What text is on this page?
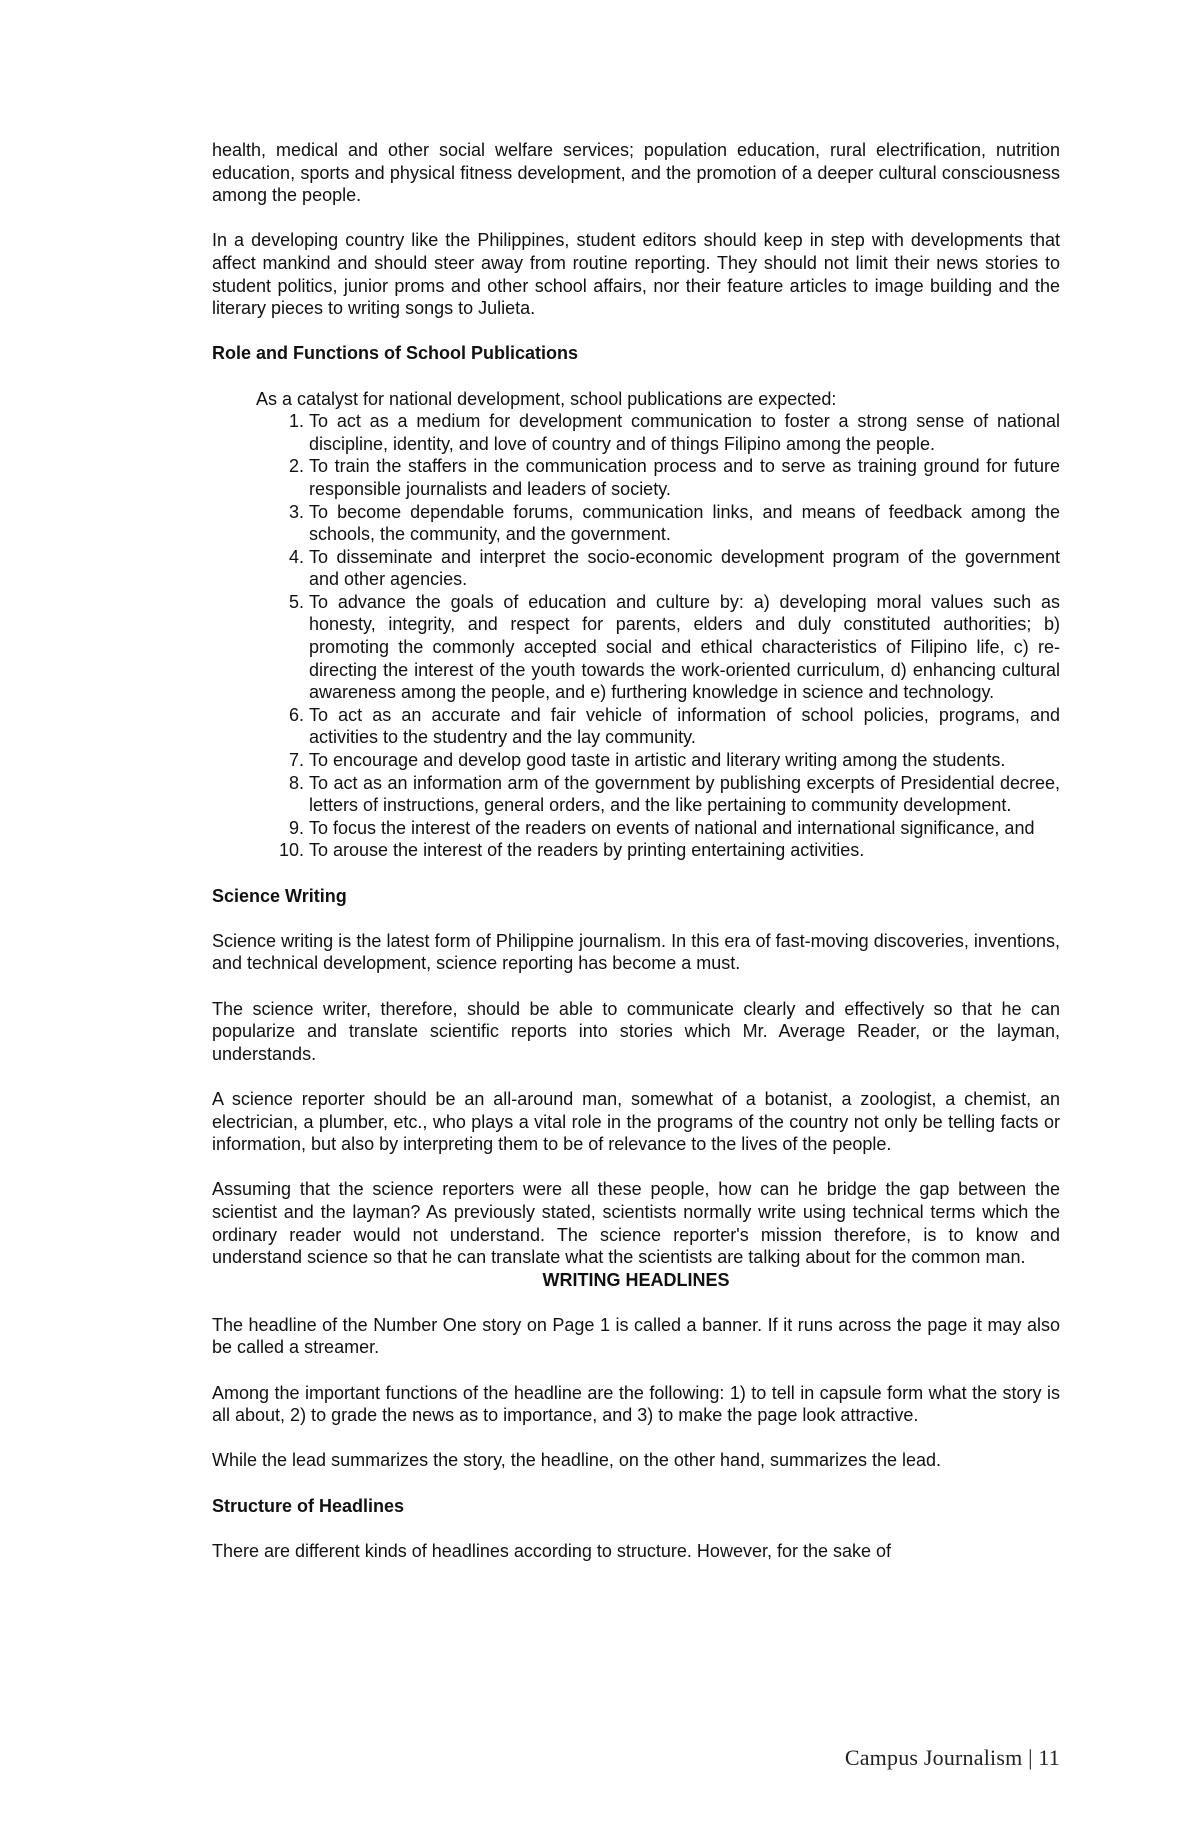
health, medical and other social welfare services; population education, rural electrification, nutrition education, sports and physical fitness development, and the promotion of a deeper cultural consciousness among the people.

In a developing country like the Philippines, student editors should keep in step with developments that affect mankind and should steer away from routine reporting. They should not limit their news stories to student politics, junior proms and other school affairs, nor their feature articles to image building and the literary pieces to writing songs to Julieta.

Role and Functions of School Publications

As a catalyst for national development, school publications are expected:

1. To act as a medium for development communication to foster a strong sense of national discipline, identity, and love of country and of things Filipino among the people.
2. To train the staffers in the communication process and to serve as training ground for future responsible journalists and leaders of society.
3. To become dependable forums, communication links, and means of feedback among the schools, the community, and the government.
4. To disseminate and interpret the socio-economic development program of the government and other agencies.
5. To advance the goals of education and culture by: a) developing moral values such as honesty, integrity, and respect for parents, elders and duly constituted authorities; b) promoting the commonly accepted social and ethical characteristics of Filipino life, c) re-directing the interest of the youth towards the work-oriented curriculum, d) enhancing cultural awareness among the people, and e) furthering knowledge in science and technology.
6. To act as an accurate and fair vehicle of information of school policies, programs, and activities to the studentry and the lay community.
7. To encourage and develop good taste in artistic and literary writing among the students.
8. To act as an information arm of the government by publishing excerpts of Presidential decree, letters of instructions, general orders, and the like pertaining to community development.
9. To focus the interest of the readers on events of national and international significance, and
10. To arouse the interest of the readers by printing entertaining activities.
Science Writing

Science writing is the latest form of Philippine journalism. In this era of fast-moving discoveries, inventions, and technical development, science reporting has become a must.

The science writer, therefore, should be able to communicate clearly and effectively so that he can popularize and translate scientific reports into stories which Mr. Average Reader, or the layman, understands.

A science reporter should be an all-around man, somewhat of a botanist, a zoologist, a chemist, an electrician, a plumber, etc., who plays a vital role in the programs of the country not only be telling facts or information, but also by interpreting them to be of relevance to the lives of the people.

Assuming that the science reporters were all these people, how can he bridge the gap between the scientist and the layman? As previously stated, scientists normally write using technical terms which the ordinary reader would not understand. The science reporter's mission therefore, is to know and understand science so that he can translate what the scientists are talking about for the common man.

WRITING HEADLINES

The headline of the Number One story on Page 1 is called a banner. If it runs across the page it may also be called a streamer.

Among the important functions of the headline are the following: 1) to tell in capsule form what the story is all about, 2) to grade the news as to importance, and 3) to make the page look attractive.

While the lead summarizes the story, the headline, on the other hand, summarizes the lead.

Structure of Headlines

There are different kinds of headlines according to structure. However, for the sake of

Campus Journalism | 11
